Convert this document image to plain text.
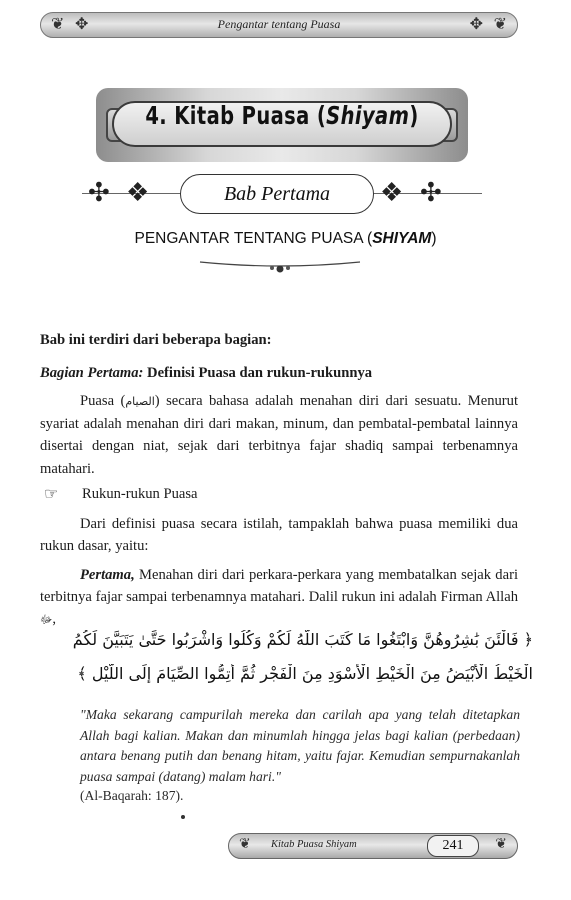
❦ ✥	Pengantar tentang Puasa	✥ ❦
4. Kitab Puasa (Shiyam)
✣ ❖	❖ ✣
Bab Pertama
PENGANTAR TENTANG PUASA (SHIYAM)
Bab ini terdiri dari beberapa bagian:
Bagian Pertama: Definisi Puasa dan rukun-rukunnya
Puasa (الصيام) secara bahasa adalah menahan diri dari sesuatu. Menurut syariat adalah menahan diri dari makan, minum, dan pembatal-pembatal lainnya disertai dengan niat, sejak dari terbitnya fajar shadiq sampai terbenamnya matahari.
☞ Rukun-rukun Puasa
Dari definisi puasa secara istilah, tampaklah bahwa puasa memiliki dua rukun dasar, yaitu:
Pertama, Menahan diri dari perkara-perkara yang membatalkan sejak dari terbitnya fajar sampai terbenamnya matahari. Dalil rukun ini adalah Firman Allah ﷻ,
﴿ فَالْئَنَ بَٰشِرُوهُنَّ وَابْتَغُوا مَا كَتَبَ اللَّهُ لَكُمْ وَكُلُوا وَاشْرَبُوا حَتَّىٰ يَتَبَيَّنَ لَكُمُ
الْخَيْطُ الْأَبْيَضُ مِنَ الْخَيْطِ الْأَسْوَدِ مِنَ الْفَجْرِ ثُمَّ أَتِمُّوا الصِّيَامَ إِلَى اللَّيْلِ ﴾
"Maka sekarang campurilah mereka dan carilah apa yang telah ditetapkan Allah bagi kalian. Makan dan minumlah hingga jelas bagi kalian (perbedaan) antara benang putih dan benang hitam, yaitu fajar. Kemudian sempurnakanlah puasa sampai (datang) malam hari."
(Al-Baqarah: 187).
❦ Kitab Puasa Shiyam	241	❦
